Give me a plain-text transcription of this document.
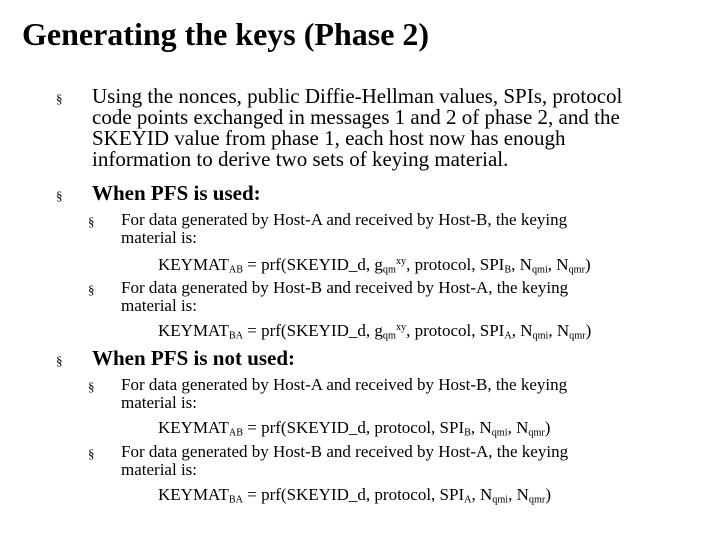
Generating the keys (Phase 2)
§ Using the nonces, public Diffie-Hellman values, SPIs, protocol
code points exchanged in messages 1 and 2 of phase 2, and the
SKEYID value from phase 1, each host now has enough
information to derive two sets of keying material.
§ When PFS is used:
§ For data generated by Host-A and received by Host-B, the keying
material is:
$KEYMAT_{AB}$ = prf(SKEYID_d, $g_{qm}^{xy}$, protocol, $SPI_B$, $N_{qmi}$, $N_{qmr}$)
§ For data generated by Host-B and received by Host-A, the keying
material is:
$KEYMAT_{BA}$ = prf(SKEYID_d, $g_{qm}^{xy}$, protocol, $SPI_A$, $N_{qmi}$, $N_{qmr}$)
§ When PFS is not used:
§ For data generated by Host-A and received by Host-B, the keying
material is:
$KEYMAT_{AB}$ = prf(SKEYID_d, protocol, $SPI_B$, $N_{qmi}$, $N_{qmr}$)
§ For data generated by Host-B and received by Host-A, the keying
material is:
$KEYMAT_{BA}$ = prf(SKEYID_d, protocol, $SPI_A$, $N_{qmi}$, $N_{qmr}$)
